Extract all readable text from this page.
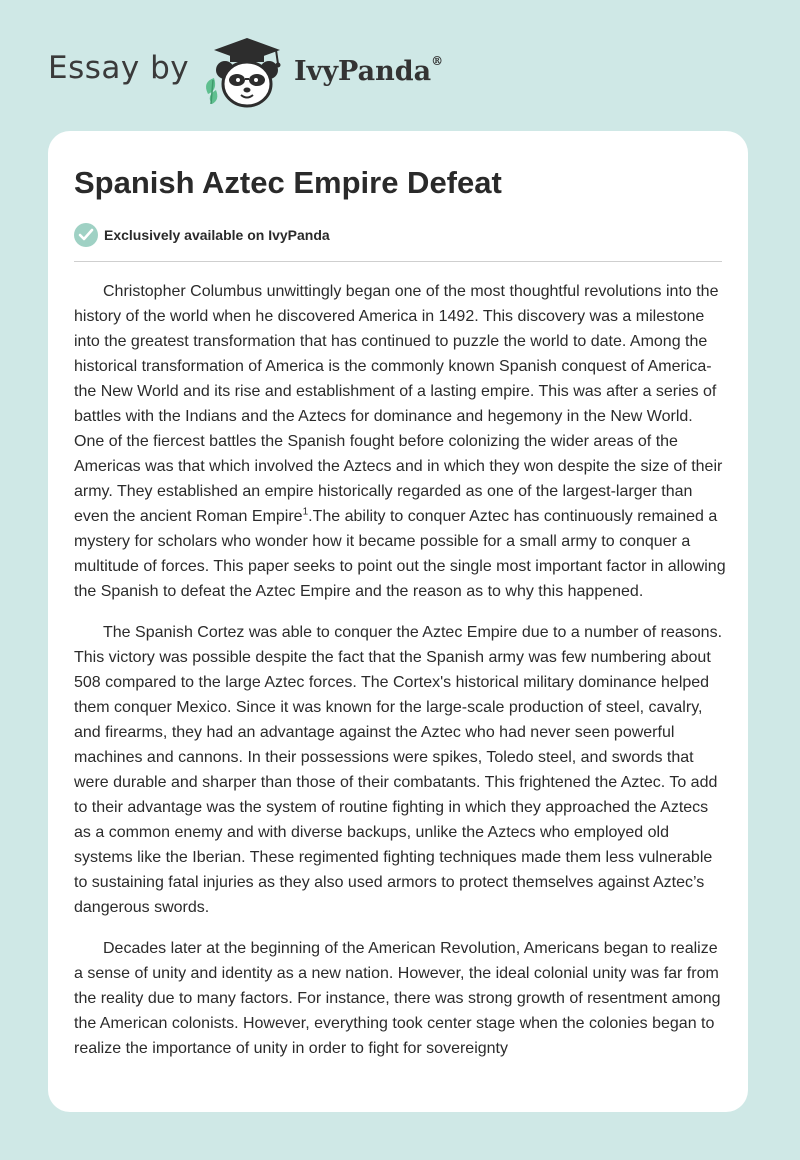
Essay by	IvyPanda®
Spanish Aztec Empire Defeat
Exclusively available on IvyPanda

Christopher Columbus unwittingly began one of the most thoughtful revolutions into the history of the world when he discovered America in 1492. This discovery was a milestone into the greatest transformation that has continued to puzzle the world to date. Among the historical transformation of America is the commonly known Spanish conquest of America- the New World and its rise and establishment of a lasting empire. This was after a series of battles with the Indians and the Aztecs for dominance and hegemony in the New World. One of the fiercest battles the Spanish fought before colonizing the wider areas of the Americas was that which involved the Aztecs and in which they won despite the size of their army. They established an empire historically regarded as one of the largest-larger than even the ancient Roman Empire$^1$.The ability to conquer Aztec has continuously remained a mystery for scholars who wonder how it became possible for a small army to conquer a multitude of forces. This paper seeks to point out the single most important factor in allowing the Spanish to defeat the Aztec Empire and the reason as to why this happened.

The Spanish Cortez was able to conquer the Aztec Empire due to a number of reasons. This victory was possible despite the fact that the Spanish army was few numbering about 508 compared to the large Aztec forces. The Cortex's historical military dominance helped them conquer Mexico. Since it was known for the large-scale production of steel, cavalry, and firearms, they had an advantage against the Aztec who had never seen powerful machines and cannons. In their possessions were spikes, Toledo steel, and swords that were durable and sharper than those of their combatants. This frightened the Aztec. To add to their advantage was the system of routine fighting in which they approached the Aztecs as a common enemy and with diverse backups, unlike the Aztecs who employed old systems like the Iberian. These regimented fighting techniques made them less vulnerable to sustaining fatal injuries as they also used armors to protect themselves against Aztec’s dangerous swords.

Decades later at the beginning of the American Revolution, Americans began to realize a sense of unity and identity as a new nation. However, the ideal colonial unity was far from the reality due to many factors. For instance, there was strong growth of resentment among the American colonists. However, everything took center stage when the colonies began to realize the importance of unity in order to fight for sovereignty
